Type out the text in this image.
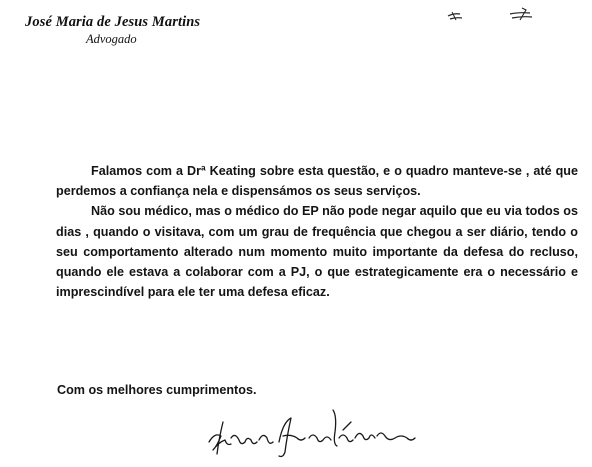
José Maria de Jesus Martins
Advogado

Falamos com a Drª Keating sobre esta questão, e o quadro manteve-se , até que perdemos a confiança nela e dispensámos os seus serviços.

Não sou médico, mas o médico do EP não pode negar aquilo que eu via todos os dias , quando o visitava, com um grau de frequência que chegou a ser diário, tendo o seu comportamento alterado num momento muito importante da defesa do recluso, quando ele estava a colaborar com a PJ, o que estrategicamente era o necessário e imprescindível para ele ter uma defesa eficaz.

Com os melhores cumprimentos.
